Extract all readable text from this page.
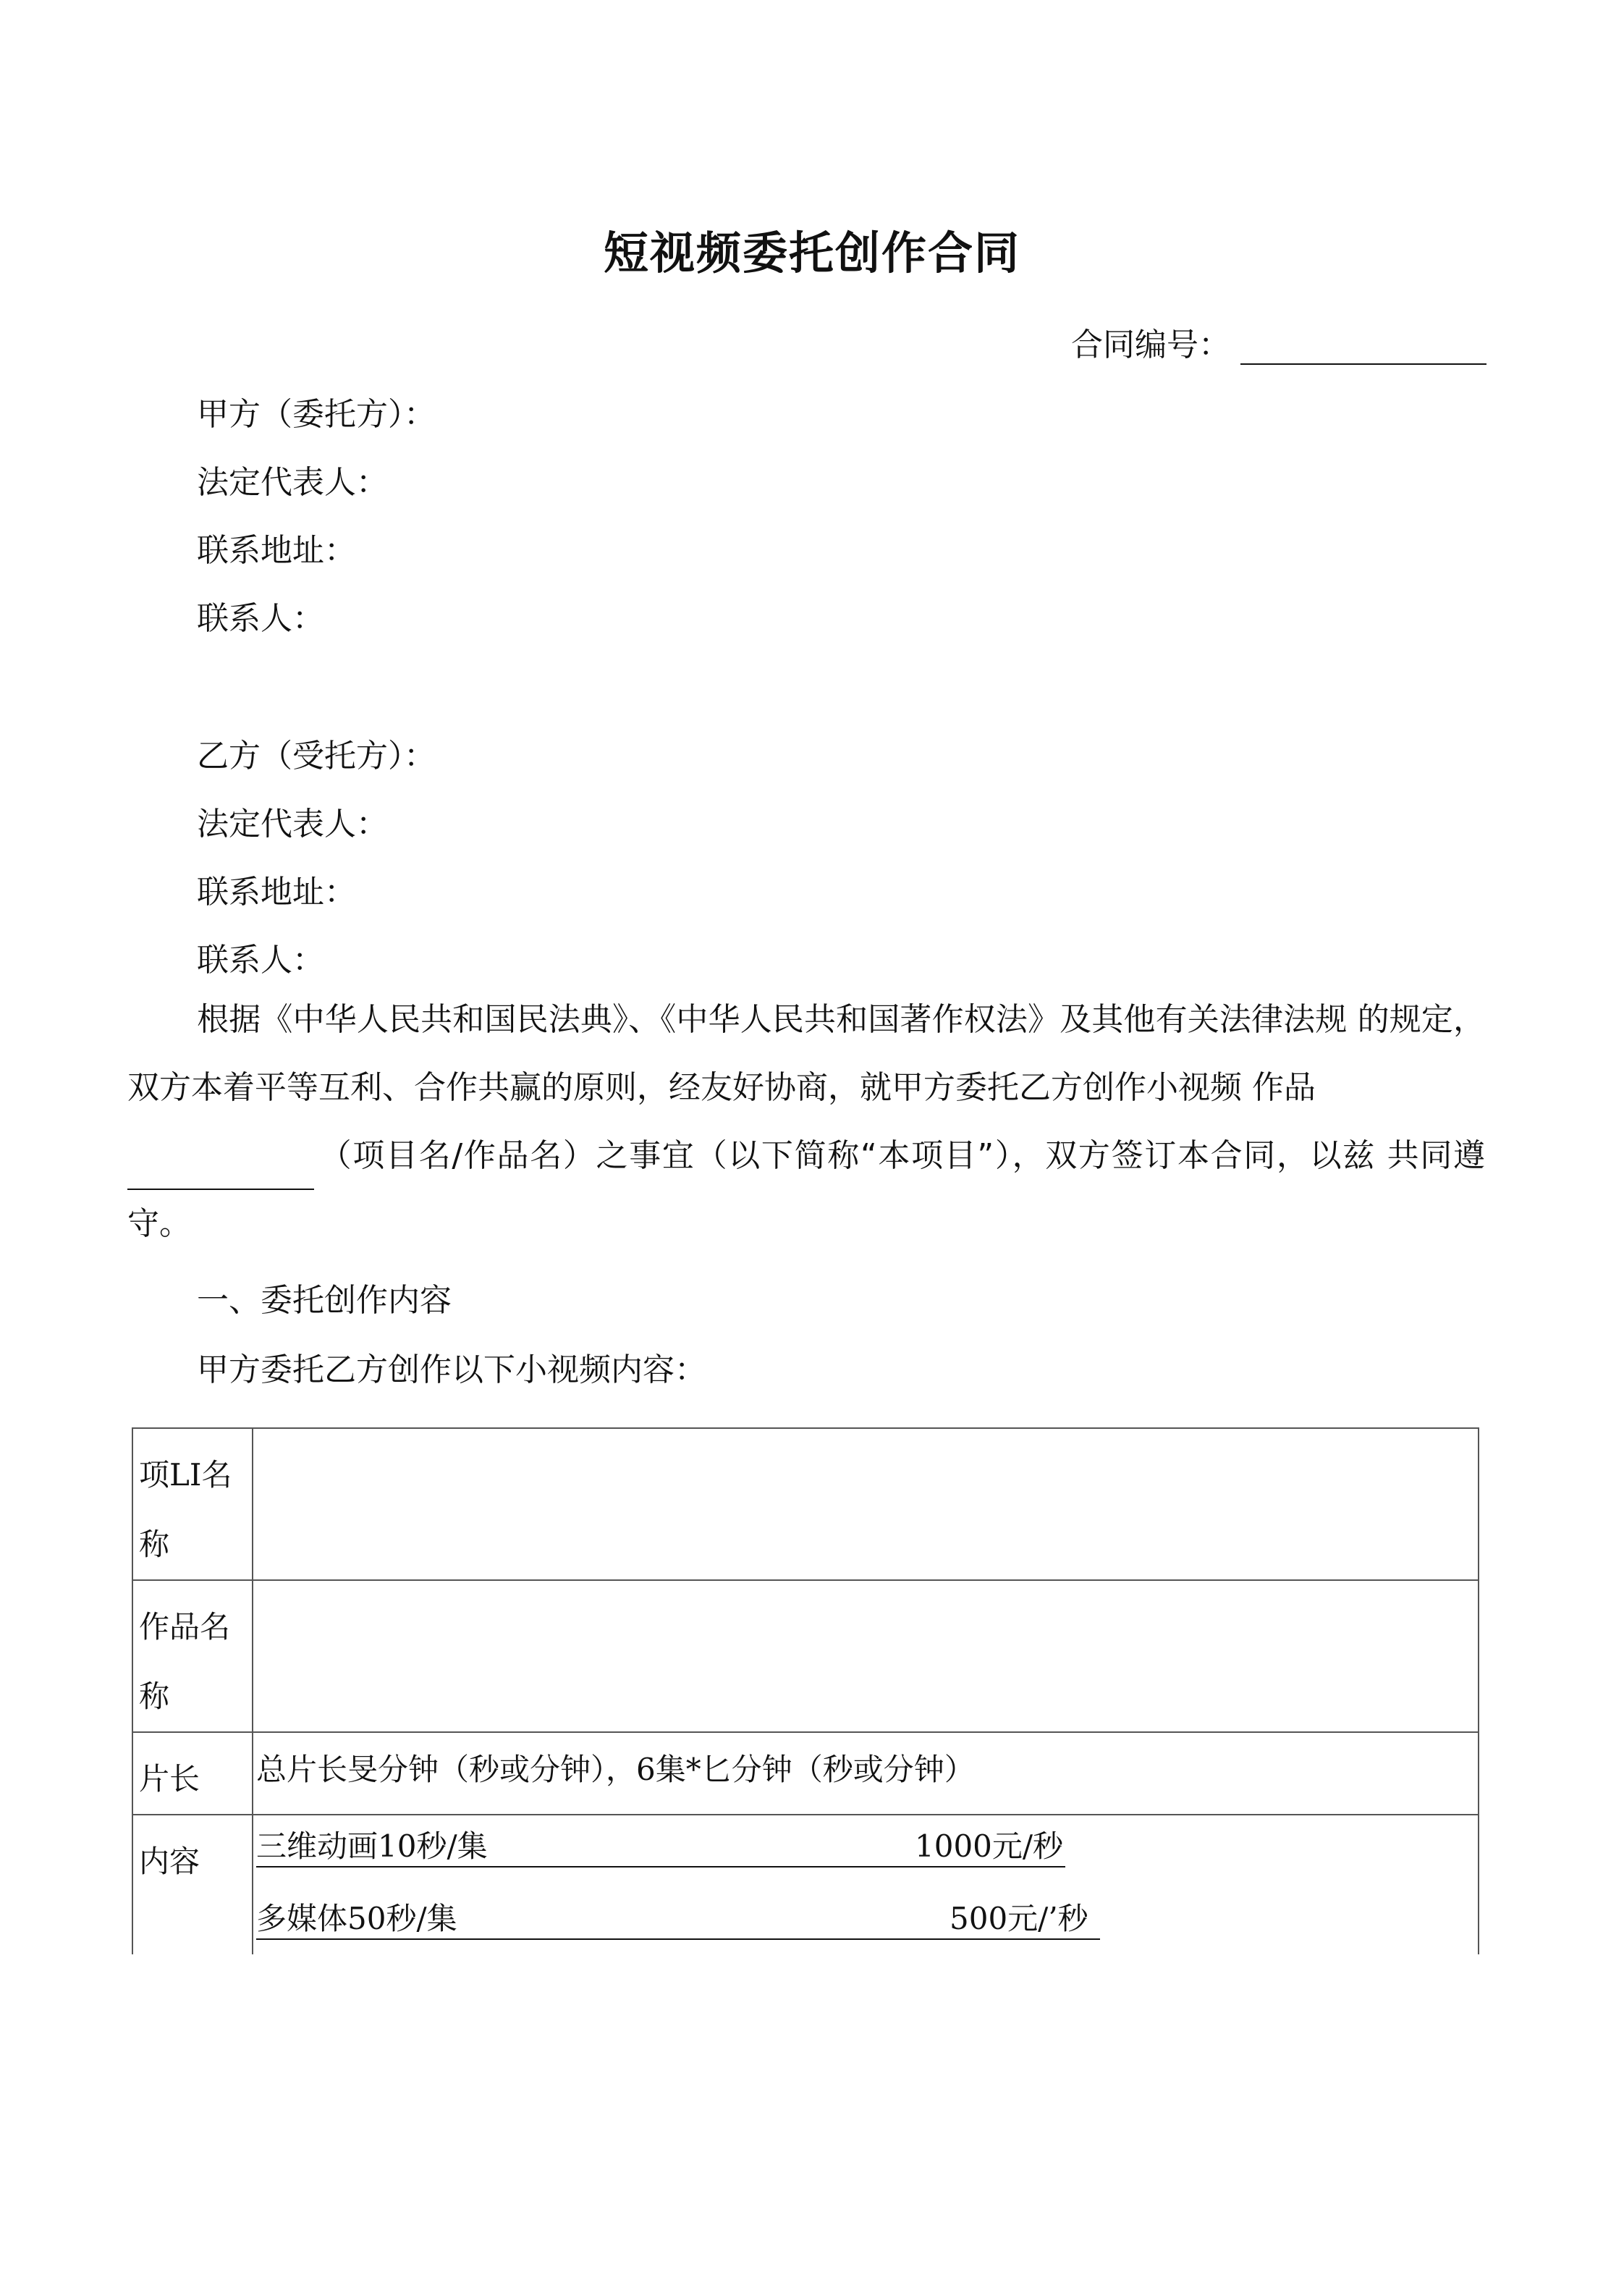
短视频委托创作合同
合同编号：
甲方（委托方）：
法定代表人：
联系地址：
联系人：
乙方（受托方）：
法定代表人：
联系地址：
联系人：
根据《中华人民共和国民法典》、《中华人民共和国著作权法》及其他有关法律法规 的规定，双方本着平等互利、合作共赢的原则，经友好协商，就甲方委托乙方创作小视频 作品
（项目名/作品名）之事宜（以下简称“本项目”），双方签订本合同，以兹 共同遵守。
一、委托创作内容
甲方委托乙方创作以下小视频内容：
项LI名称	
作品名称	
片长	总片长旻分钟（秒或分钟），6集*匕分钟（秒或分钟）

内容	三维动画10秒/集 1000元/秒
多媒体50秒/集 500元/’秒
